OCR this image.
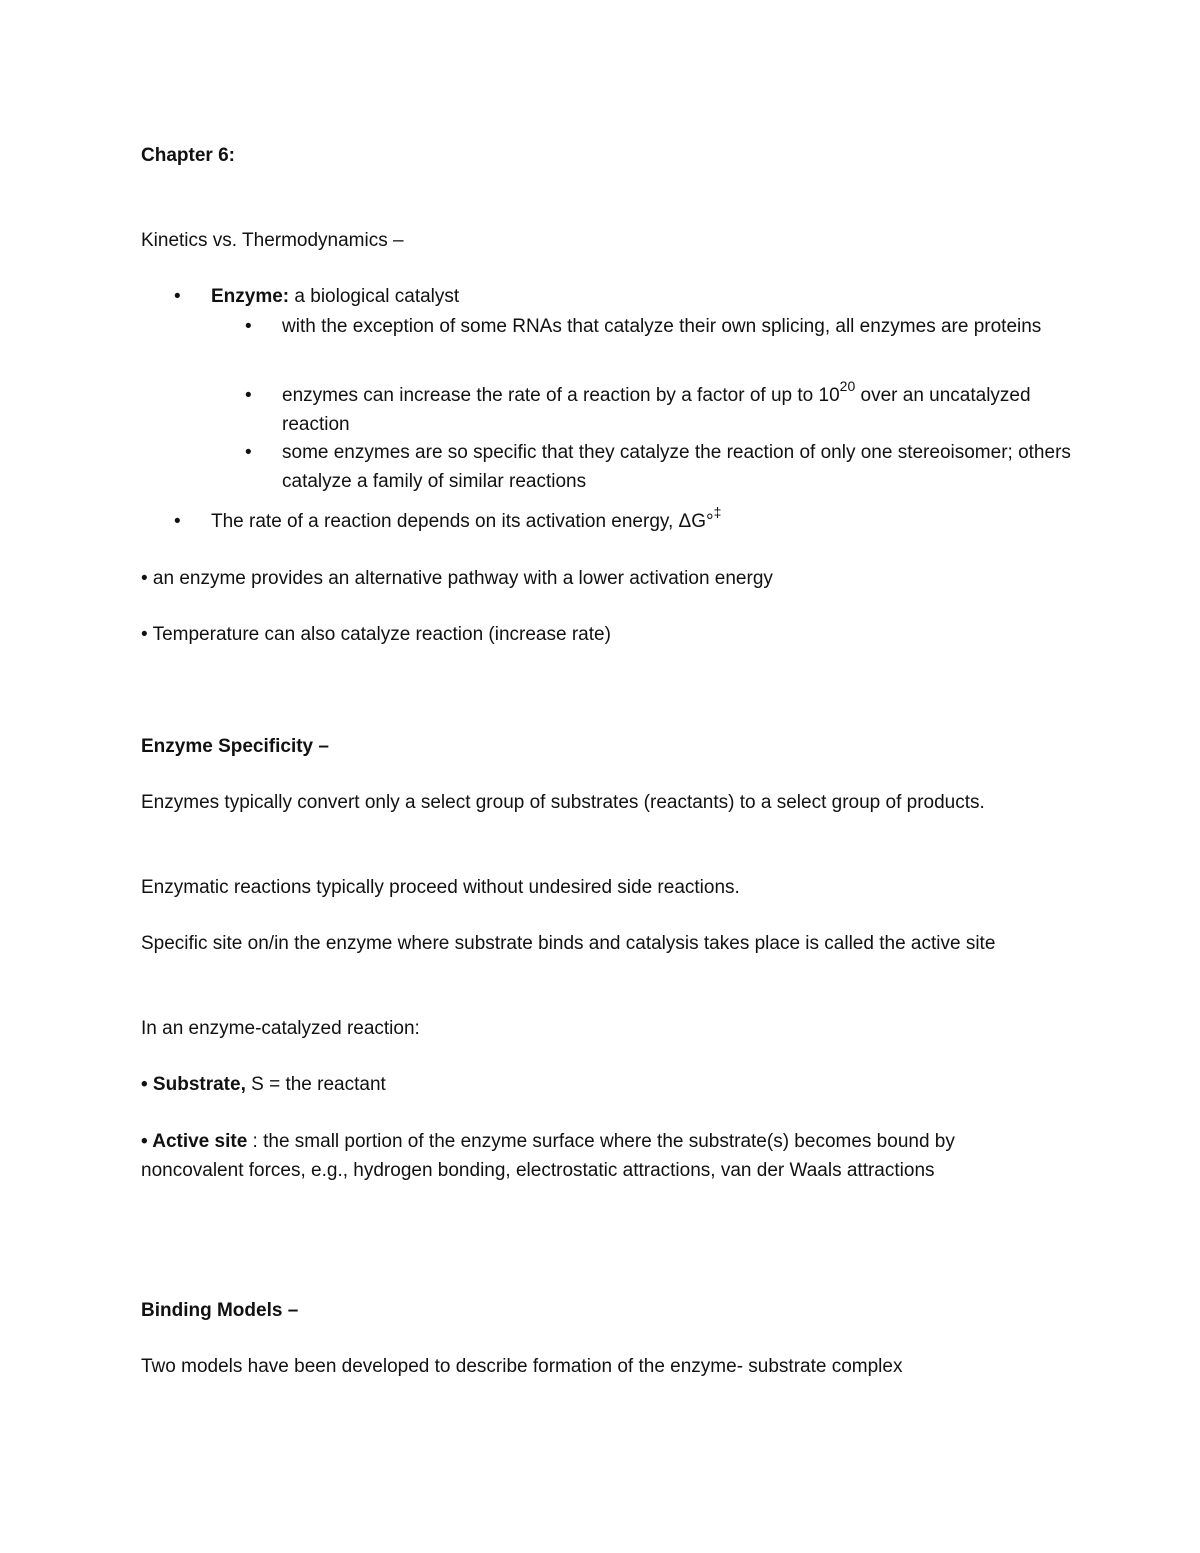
Chapter 6:

Kinetics vs. Thermodynamics –

• Enzyme: a biological catalyst
• with the exception of some RNAs that catalyze their own splicing, all enzymes are proteins
• enzymes can increase the rate of a reaction by a factor of up to $10^{20}$ over an uncatalyzed reaction
• some enzymes are so specific that they catalyze the reaction of only one stereoisomer; others catalyze a family of similar reactions
• The rate of a reaction depends on its activation energy, ΔG°‡

• an enzyme provides an alternative pathway with a lower activation energy

• Temperature can also catalyze reaction (increase rate)

Enzyme Specificity –

Enzymes typically convert only a select group of substrates (reactants) to a select group of products.

Enzymatic reactions typically proceed without undesired side reactions.

Specific site on/in the enzyme where substrate binds and catalysis takes place is called the active site

In an enzyme-catalyzed reaction:

• Substrate, S = the reactant

• Active site : the small portion of the enzyme surface where the substrate(s) becomes bound by noncovalent forces, e.g., hydrogen bonding, electrostatic attractions, van der Waals attractions

Binding Models –

Two models have been developed to describe formation of the enzyme- substrate complex
